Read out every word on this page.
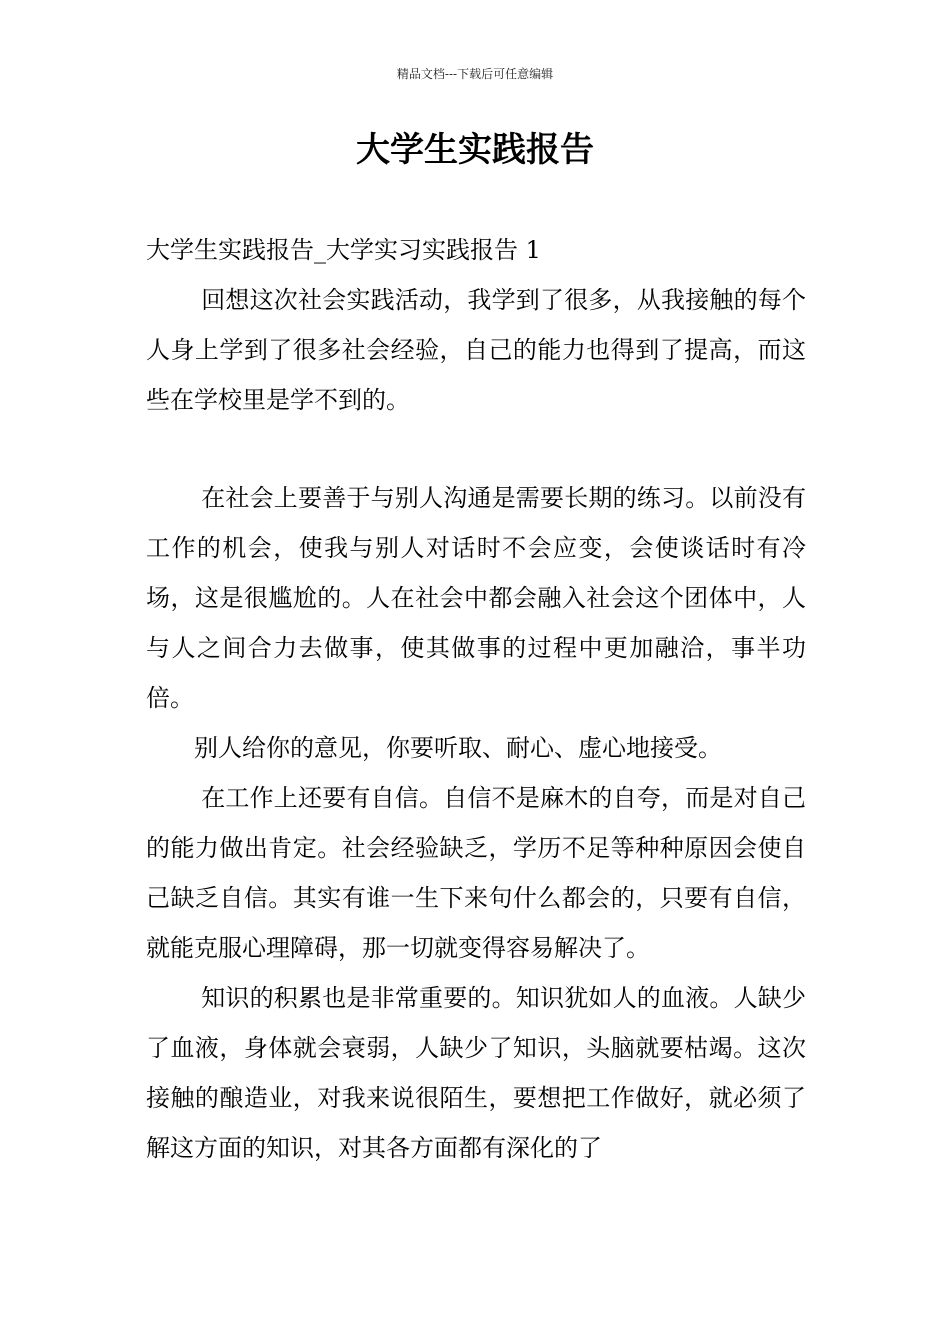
精品文档---下载后可任意编辑
大学生实践报告
大学生实践报告_大学实习实践报告 1

回想这次社会实践活动，我学到了很多，从我接触的每个人身上学到了很多社会经验，自己的能力也得到了提高，而这些在学校里是学不到的。

在社会上要善于与别人沟通是需要长期的练习。以前没有工作的机会，使我与别人对话时不会应变，会使谈话时有冷场，这是很尴尬的。人在社会中都会融入社会这个团体中，人与人之间合力去做事，使其做事的过程中更加融洽，事半功倍。

别人给你的意见，你要听取、耐心、虚心地接受。

在工作上还要有自信。自信不是麻木的自夸，而是对自己的能力做出肯定。社会经验缺乏，学历不足等种种原因会使自己缺乏自信。其实有谁一生下来句什么都会的，只要有自信，就能克服心理障碍，那一切就变得容易解决了。

知识的积累也是非常重要的。知识犹如人的血液。人缺少了血液，身体就会衰弱，人缺少了知识，头脑就要枯竭。这次接触的酿造业，对我来说很陌生，要想把工作做好，就必须了解这方面的知识，对其各方面都有深化的了
